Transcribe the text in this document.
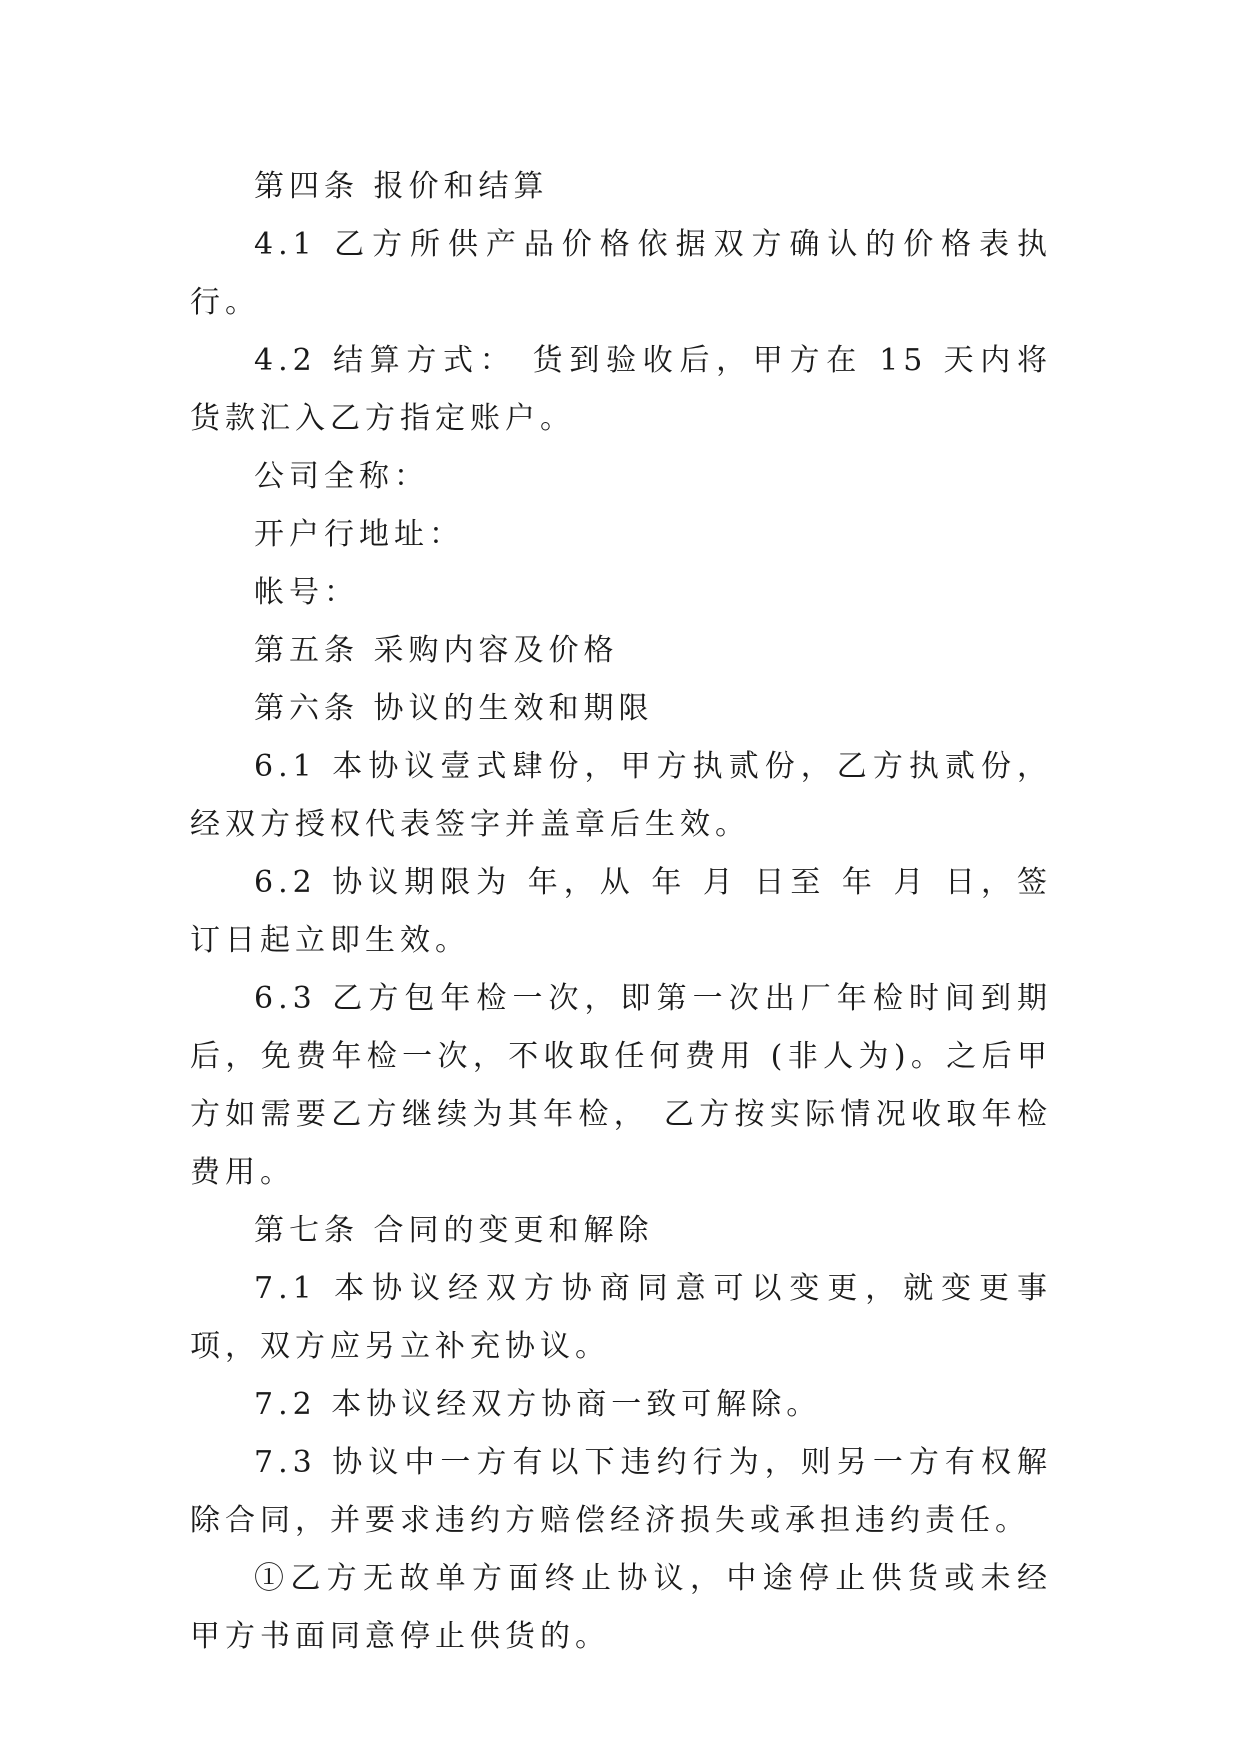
第四条 报价和结算

4.1 乙方所供产品价格依据双方确认的价格表执行。

4.2 结算方式： 货到验收后，甲方在 15 天内将货款汇入乙方指定账户。

公司全称：

开户行地址：

帐号：

第五条 采购内容及价格

第六条 协议的生效和期限

6.1 本协议壹式肆份，甲方执贰份，乙方执贰份，经双方授权代表签字并盖章后生效。

6.2 协议期限为 年，从 年 月 日至 年 月 日，签订日起立即生效。

6.3 乙方包年检一次，即第一次出厂年检时间到期后，免费年检一次，不收取任何费用 (非人为)。之后甲方如需要乙方继续为其年检， 乙方按实际情况收取年检费用。

第七条 合同的变更和解除

7.1 本协议经双方协商同意可以变更，就变更事项，双方应另立补充协议。

7.2 本协议经双方协商一致可解除。

7.3 协议中一方有以下违约行为，则另一方有权解除合同，并要求违约方赔偿经济损失或承担违约责任。

①乙方无故单方面终止协议，中途停止供货或未经甲方书面同意停止供货的。
